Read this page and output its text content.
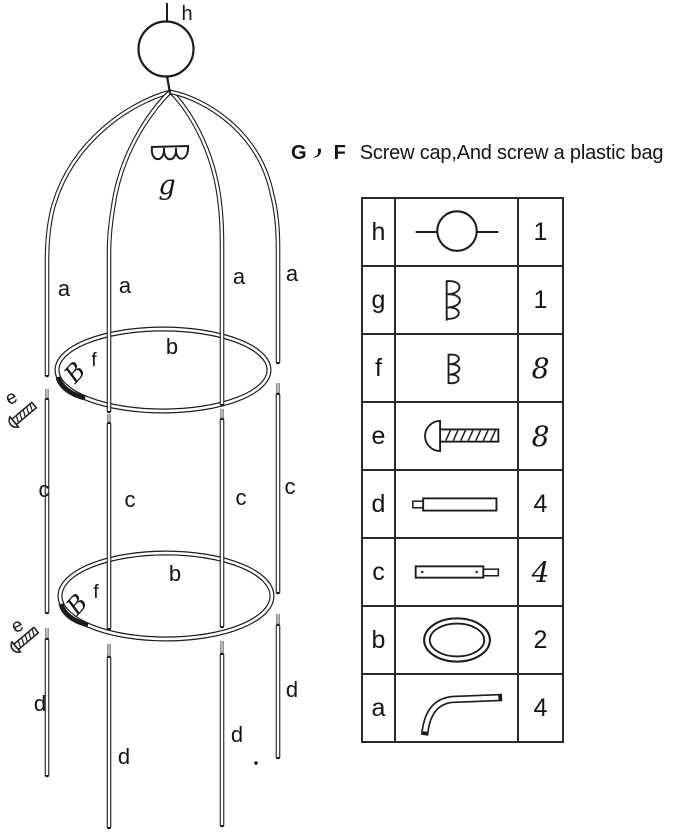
h
g
a a	a a
b
b
c	c	c c
d
d
d
d
e
e
B f
B f
G F Screw cap,And screw a plastic bag
h	1
g	1
f	8
e	8
d	4
c	4
b	2
a	4
